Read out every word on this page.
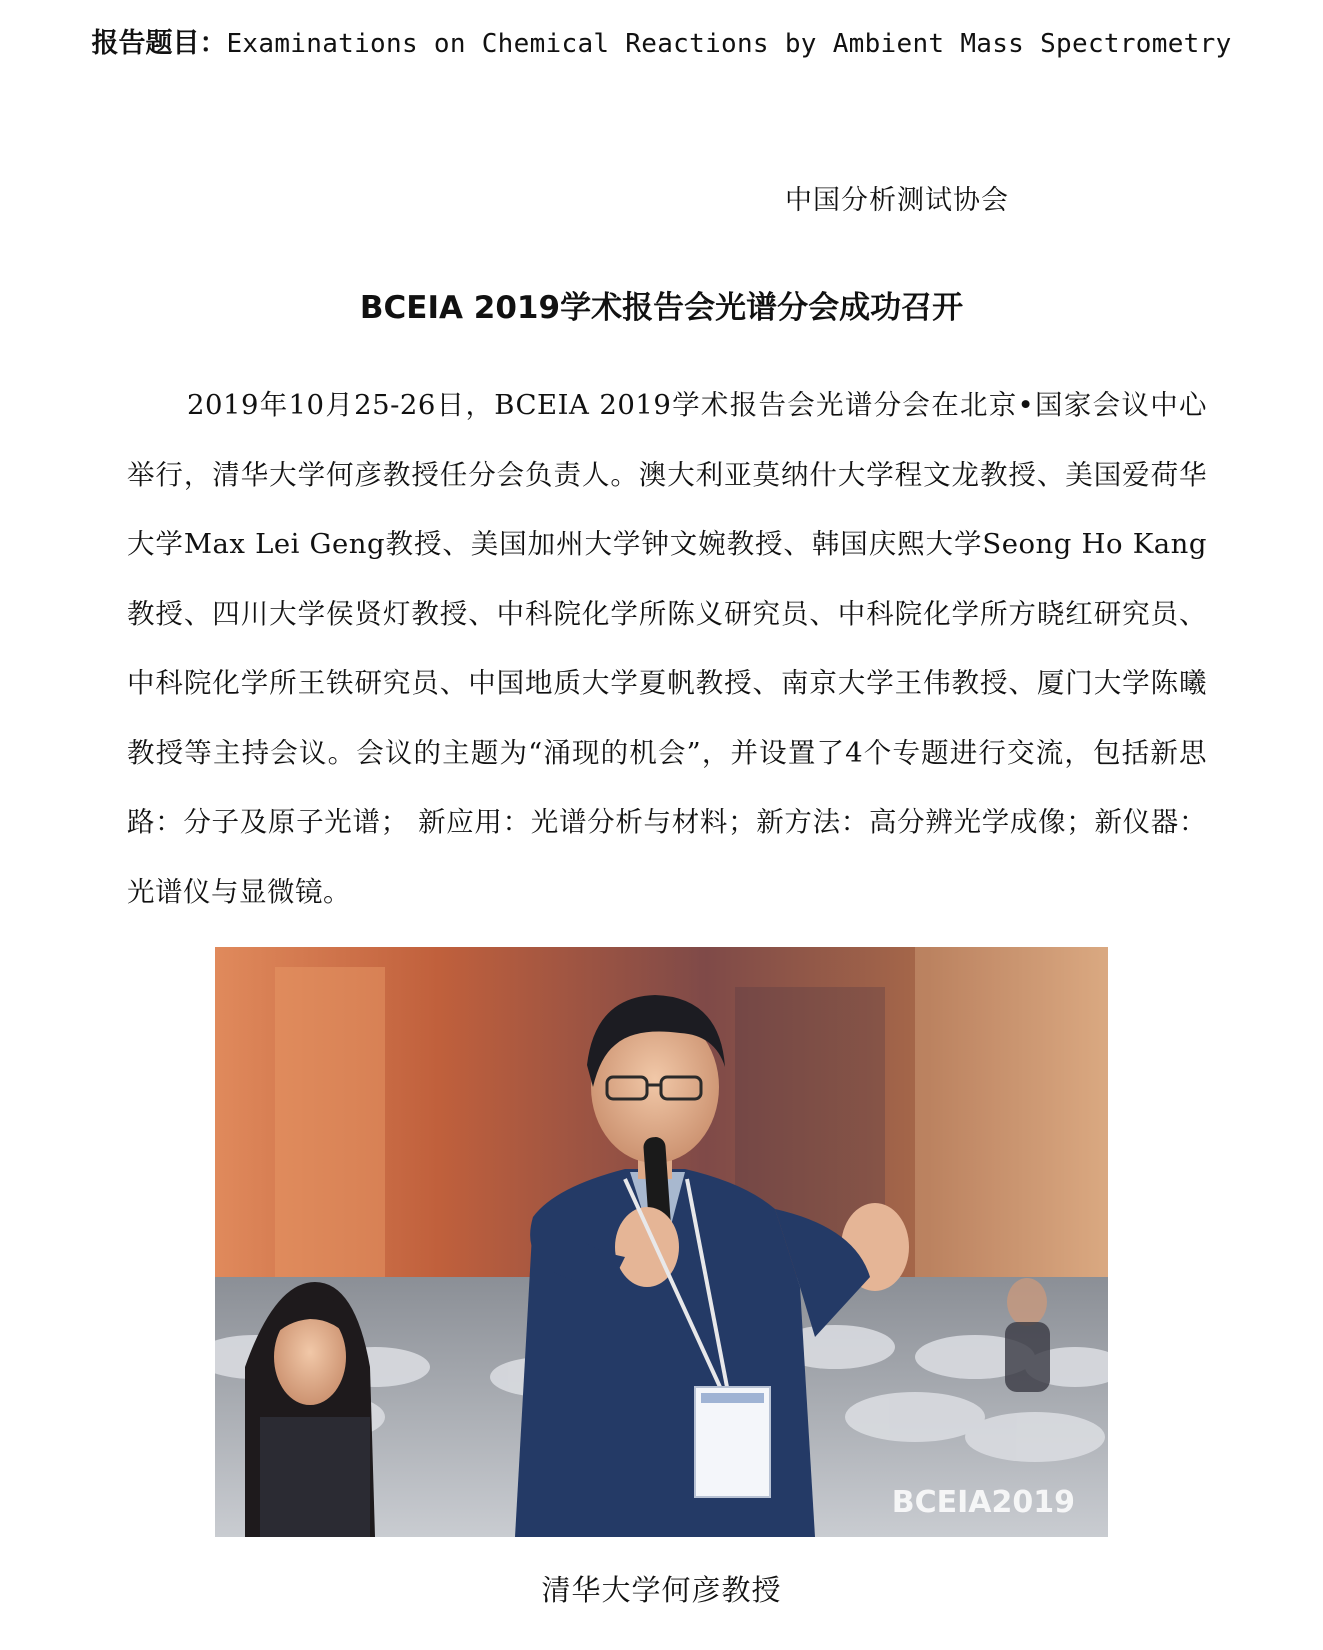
报告题目：Examinations on Chemical Reactions by Ambient Mass Spectrometry
中国分析测试协会
BCEIA 2019学术报告会光谱分会成功召开

2019年10月25-26日，BCEIA 2019学术报告会光谱分会在北京•国家会议中心举行，清华大学何彦教授任分会负责人。澳大利亚莫纳什大学程文龙教授、美国爱荷华大学Max Lei Geng教授、美国加州大学钟文婉教授、韩国庆熙大学Seong Ho Kang教授、四川大学侯贤灯教授、中科院化学所陈义研究员、中科院化学所方晓红研究员、中科院化学所王铁研究员、中国地质大学夏帆教授、南京大学王伟教授、厦门大学陈曦教授等主持会议。会议的主题为“涌现的机会”，并设置了4个专题进行交流，包括新思路：分子及原子光谱； 新应用：光谱分析与材料；新方法：高分辨光学成像；新仪器：光谱仪与显微镜。

BCEIA2019
清华大学何彦教授
